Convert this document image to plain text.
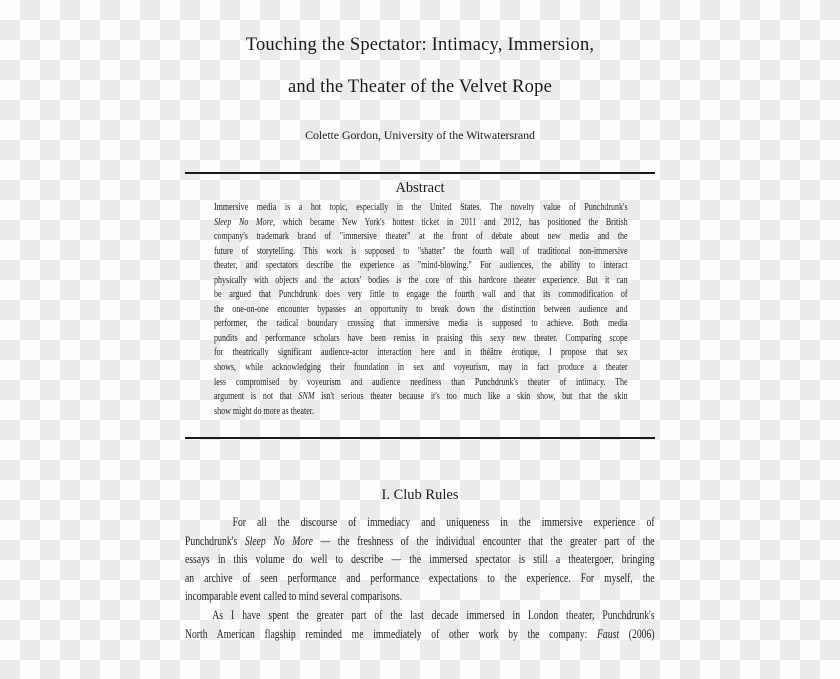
Touching the Spectator: Intimacy, Immersion,
and the Theater of the Velvet Rope
Colette Gordon, University of the Witwatersrand
Abstract
Immersive media is a hot topic, especially in the United States. The novelty value of Punchdrunk's
Sleep No More, which became New York's hottest ticket in 2011 and 2012, has positioned the British
company's trademark brand of "immersive theater" at the front of debate about new media and the
future of storytelling. This work is supposed to "shatter" the fourth wall of traditional non-immersive
theater, and spectators describe the experience as "mind-blowing." For audiences, the ability to interact
physically with objects and the actors' bodies is the core of this hardcore theater experience. But it can
be argued that Punchdrunk does very little to engage the fourth wall and that its commodification of
the one-on-one encounter bypasses an opportunity to break down the distinction between audience and
performer, the radical boundary crossing that immersive media is supposed to achieve. Both media
pundits and performance scholars have been remiss in praising this sexy new theater. Comparing scope
for theatrically significant audience-actor interaction here and in théâtre érotique, I propose that sex
shows, while acknowledging their foundation in sex and voyeurism, may in fact produce a theater
less compromised by voyeurism and audience neediness than Punchdrunk's theater of intimacy. The
argument is not that SNM isn't serious theater because it's too much like a skin show, but that the skin
show might do more as theater.
I. Club Rules
For all the discourse of immediacy and uniqueness in the immersive experience of
Punchdrunk's Sleep No More — the freshness of the individual encounter that the greater part of the
essays in this volume do well to describe — the immersed spectator is still a theatergoer, bringing
an archive of seen performance and performance expectations to the experience. For myself, the
incomparable event called to mind several comparisons.
As I have spent the greater part of the last decade immersed in London theater, Punchdrunk's
North American flagship reminded me immediately of other work by the company: Faust (2006)
